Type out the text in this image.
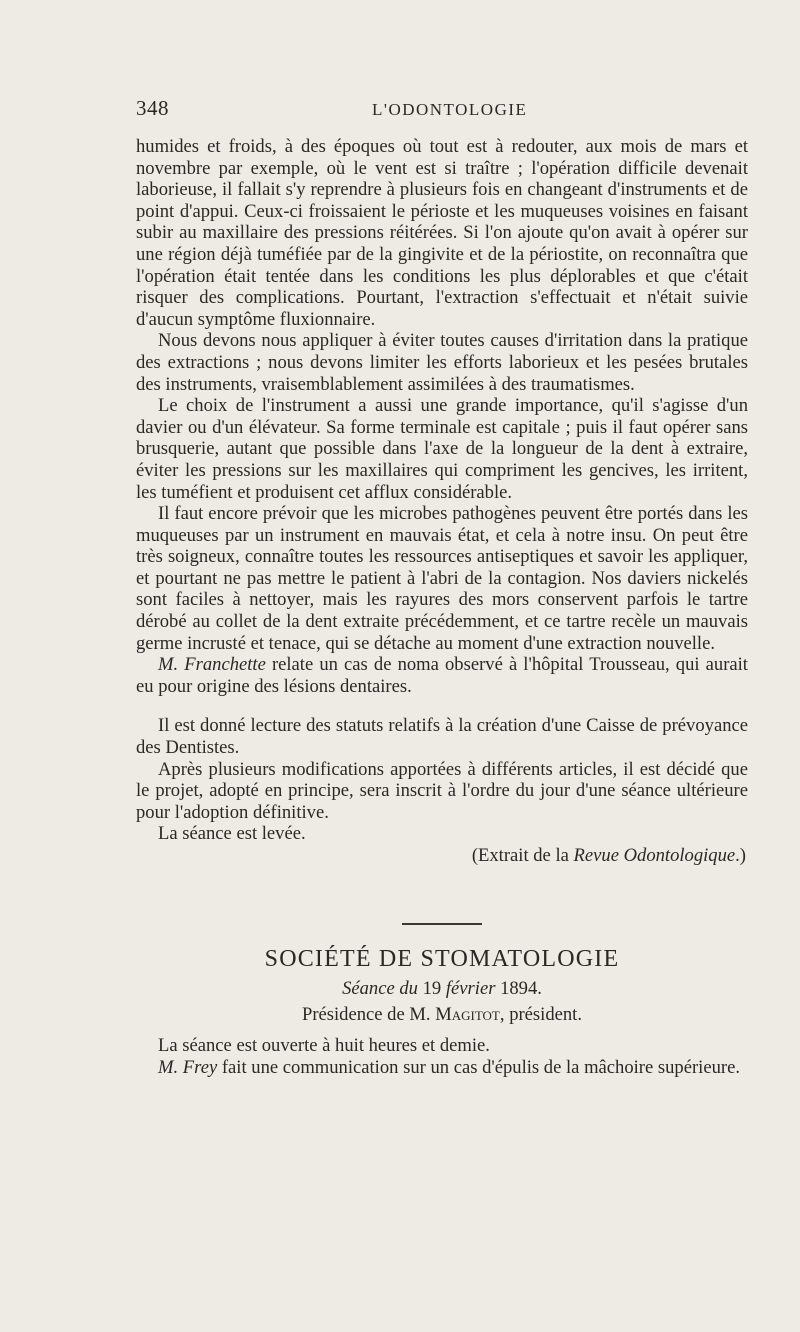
348	L'ODONTOLOGIE

humides et froids, à des époques où tout est à redouter, aux mois de mars et novembre par exemple, où le vent est si traître ; l'opération difficile devenait laborieuse, il fallait s'y reprendre à plusieurs fois en changeant d'instruments et de point d'appui. Ceux-ci froissaient le périoste et les muqueuses voisines en faisant subir au maxillaire des pressions réitérées. Si l'on ajoute qu'on avait à opérer sur une région déjà tuméfiée par de la gingivite et de la périostite, on reconnaîtra que l'opération était tentée dans les conditions les plus déplorables et que c'était risquer des complications. Pourtant, l'extraction s'effectuait et n'était suivie d'aucun symptôme fluxionnaire.

Nous devons nous appliquer à éviter toutes causes d'irritation dans la pratique des extractions ; nous devons limiter les efforts laborieux et les pesées brutales des instruments, vraisemblablement assimilées à des traumatismes.

Le choix de l'instrument a aussi une grande importance, qu'il s'agisse d'un davier ou d'un élévateur. Sa forme terminale est capitale ; puis il faut opérer sans brusquerie, autant que possible dans l'axe de la longueur de la dent à extraire, éviter les pressions sur les maxillaires qui compriment les gencives, les irritent, les tuméfient et produisent cet afflux considérable.

Il faut encore prévoir que les microbes pathogènes peuvent être portés dans les muqueuses par un instrument en mauvais état, et cela à notre insu. On peut être très soigneux, connaître toutes les ressources antiseptiques et savoir les appliquer, et pourtant ne pas mettre le patient à l'abri de la contagion. Nos daviers nickelés sont faciles à nettoyer, mais les rayures des mors conservent parfois le tartre dérobé au collet de la dent extraite précédemment, et ce tartre recèle un mauvais germe incrusté et tenace, qui se détache au moment d'une extraction nouvelle.

M. Franchette relate un cas de noma observé à l'hôpital Trousseau, qui aurait eu pour origine des lésions dentaires.

Il est donné lecture des statuts relatifs à la création d'une Caisse de prévoyance des Dentistes.

Après plusieurs modifications apportées à différents articles, il est décidé que le projet, adopté en principe, sera inscrit à l'ordre du jour d'une séance ultérieure pour l'adoption définitive.

La séance est levée.

(Extrait de la Revue Odontologique.)

SOCIÉTÉ DE STOMATOLOGIE
Séance du 19 février 1894.
Présidence de M. Magitot, président.

La séance est ouverte à huit heures et demie.

M. Frey fait une communication sur un cas d'épulis de la mâchoire supérieure.
